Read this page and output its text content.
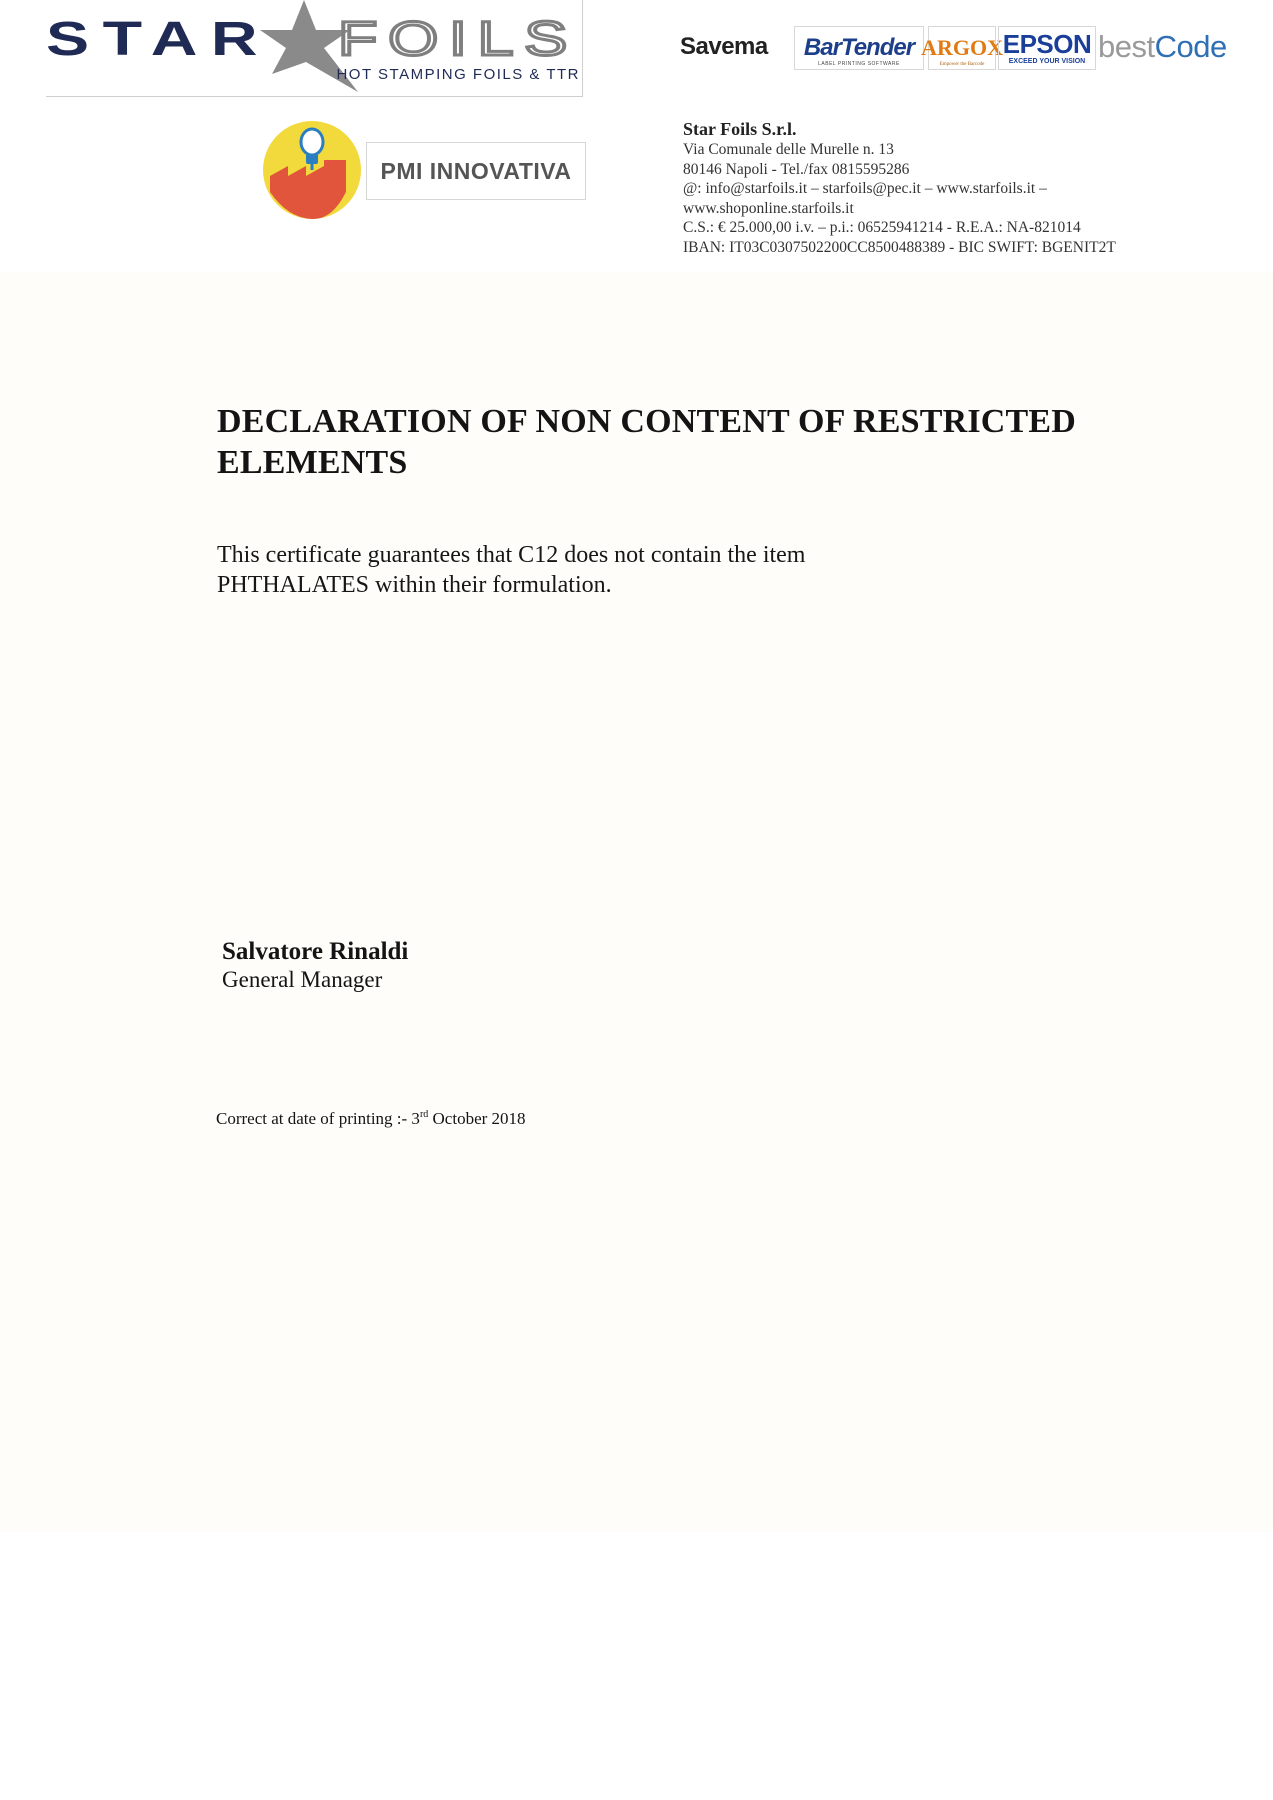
STAR FOILS
HOT STAMPING FOILS & TTR
Savema BarTender
LABEL PRINTING SOFTWARE
ARGOX
Empower the Barcode
EPSON
EXCEED YOUR VISION best Code
PMI INNOVATIVA
Star Foils S.r.l.
Via Comunale delle Murelle n. 13
80146 Napoli - Tel./fax 0815595286
@: info@starfoils.it – starfoils@pec.it – www.starfoils.it –
www.shoponline.starfoils.it
C.S.: € 25.000,00 i.v. – p.i.: 06525941214 - R.E.A.: NA-821014
IBAN: IT03C0307502200CC8500488389 - BIC SWIFT: BGENIT2T
DECLARATION OF NON CONTENT OF RESTRICTED ELEMENTS
This certificate guarantees that C12 does not contain the item
PHTHALATES within their formulation.
Salvatore Rinaldi
General Manager
Correct at date of printing :- 3rd October 2018
